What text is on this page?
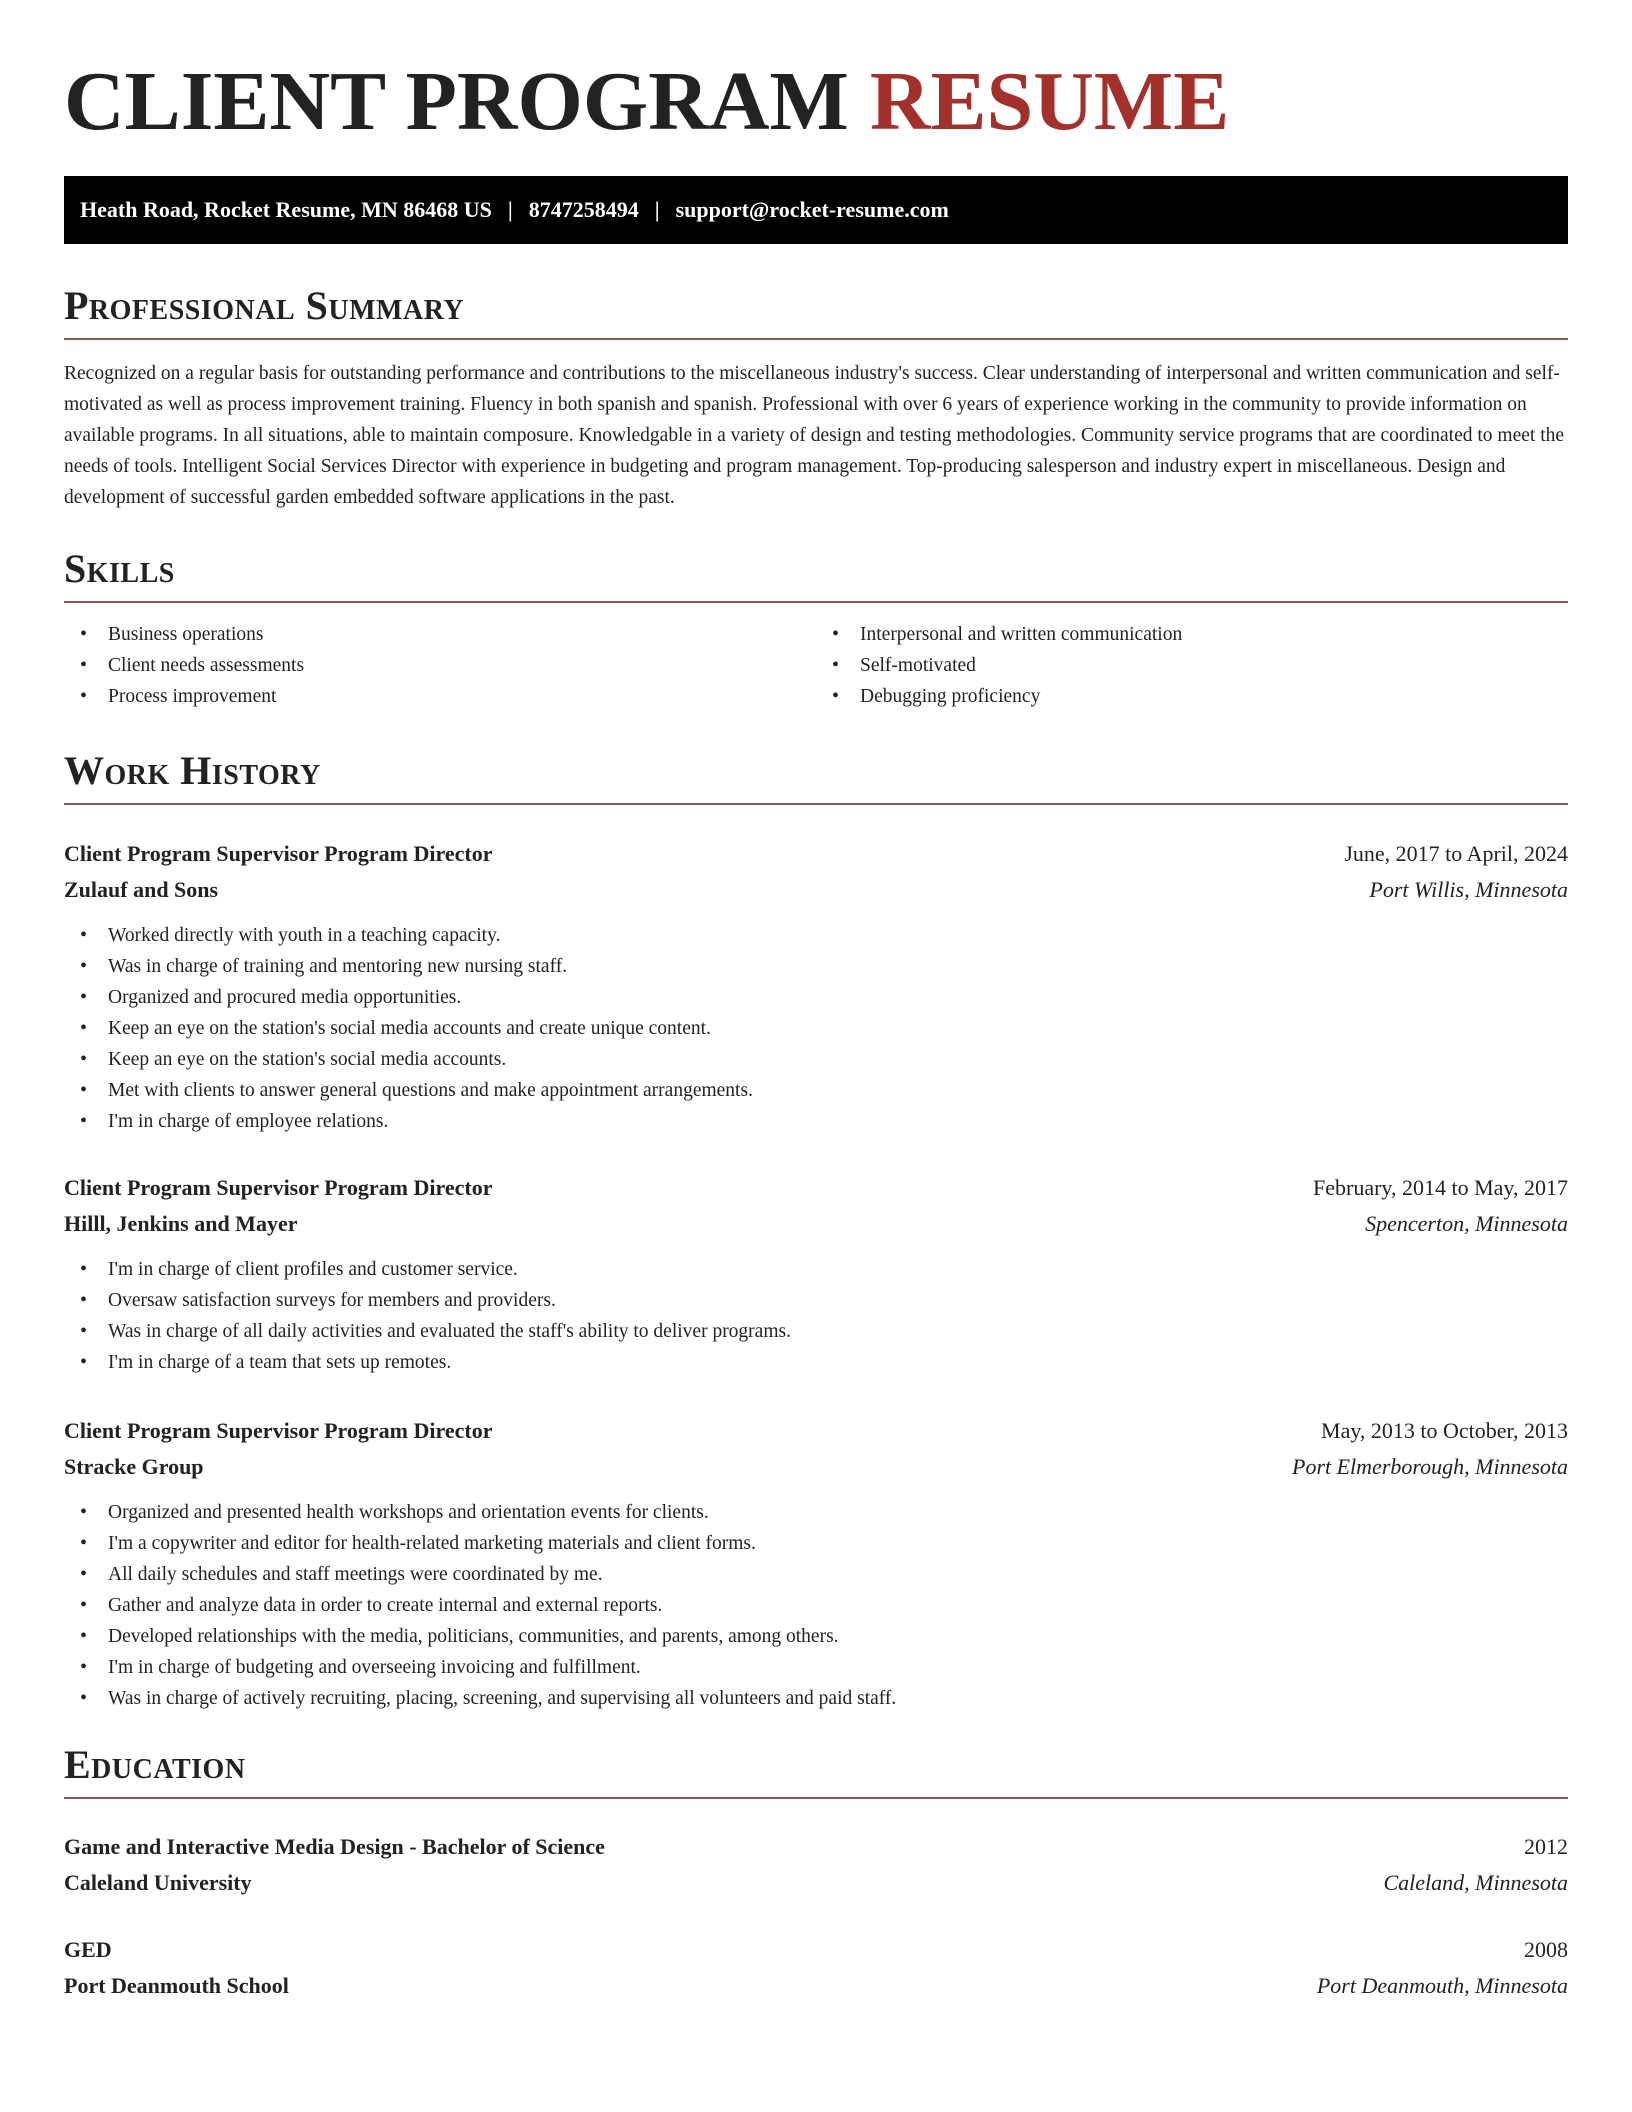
CLIENT PROGRAM RESUME
Heath Road, Rocket Resume, MN 86468 US | 8747258494 | support@rocket-resume.com
Professional Summary

Recognized on a regular basis for outstanding performance and contributions to the miscellaneous industry's success. Clear understanding of interpersonal and written communication and self-motivated as well as process improvement training. Fluency in both spanish and spanish. Professional with over 6 years of experience working in the community to provide information on available programs. In all situations, able to maintain composure. Knowledgable in a variety of design and testing methodologies. Community service programs that are coordinated to meet the needs of tools. Intelligent Social Services Director with experience in budgeting and program management. Top-producing salesperson and industry expert in miscellaneous. Design and development of successful garden embedded software applications in the past.

Skills
• Business operations
• Client needs assessments
• Process improvement
• Interpersonal and written communication
• Self-motivated
• Debugging proficiency
Work History
Client Program Supervisor Program Director	June, 2017 to April, 2024
Zulauf and Sons	Port Willis, Minnesota
• Worked directly with youth in a teaching capacity.
• Was in charge of training and mentoring new nursing staff.
• Organized and procured media opportunities.
• Keep an eye on the station's social media accounts and create unique content.
• Keep an eye on the station's social media accounts.
• Met with clients to answer general questions and make appointment arrangements.
• I'm in charge of employee relations.
Client Program Supervisor Program Director	February, 2014 to May, 2017
Hilll, Jenkins and Mayer	Spencerton, Minnesota
• I'm in charge of client profiles and customer service.
• Oversaw satisfaction surveys for members and providers.
• Was in charge of all daily activities and evaluated the staff's ability to deliver programs.
• I'm in charge of a team that sets up remotes.
Client Program Supervisor Program Director	May, 2013 to October, 2013
Stracke Group	Port Elmerborough, Minnesota
• Organized and presented health workshops and orientation events for clients.
• I'm a copywriter and editor for health-related marketing materials and client forms.
• All daily schedules and staff meetings were coordinated by me.
• Gather and analyze data in order to create internal and external reports.
• Developed relationships with the media, politicians, communities, and parents, among others.
• I'm in charge of budgeting and overseeing invoicing and fulfillment.
• Was in charge of actively recruiting, placing, screening, and supervising all volunteers and paid staff.
Education
Game and Interactive Media Design - Bachelor of Science	2012
Caleland University	Caleland, Minnesota
GED	2008
Port Deanmouth School	Port Deanmouth, Minnesota
